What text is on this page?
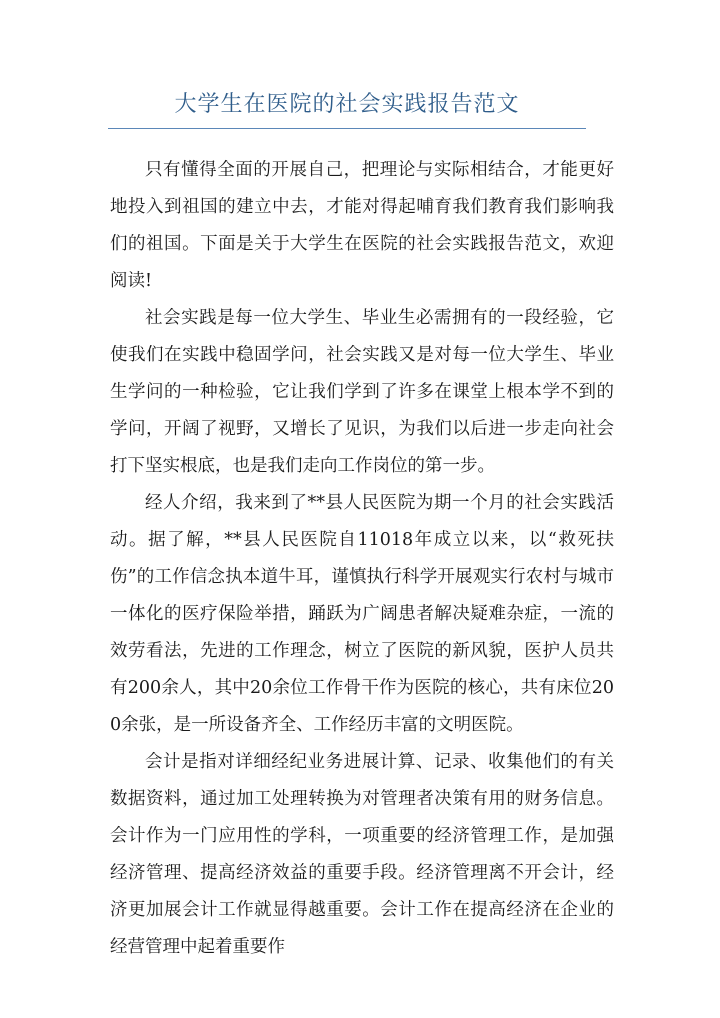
大学生在医院的社会实践报告范文

只有懂得全面的开展自己，把理论与实际相结合，才能更好地投入到祖国的建立中去，才能对得起哺育我们教育我们影响我们的祖国。下面是关于大学生在医院的社会实践报告范文，欢迎阅读!

社会实践是每一位大学生、毕业生必需拥有的一段经验，它使我们在实践中稳固学问，社会实践又是对每一位大学生、毕业生学问的一种检验，它让我们学到了许多在课堂上根本学不到的学问，开阔了视野，又增长了见识，为我们以后进一步走向社会打下坚实根底，也是我们走向工作岗位的第一步。

经人介绍，我来到了**县人民医院为期一个月的社会实践活动。据了解，**县人民医院自11018年成立以来，以“救死扶伤”的工作信念执本道牛耳，谨慎执行科学开展观实行农村与城市一体化的医疗保险举措，踊跃为广阔患者解决疑难杂症，一流的效劳看法，先进的工作理念，树立了医院的新风貌，医护人员共有200余人，其中20余位工作骨干作为医院的核心，共有床位200余张，是一所设备齐全、工作经历丰富的文明医院。

会计是指对详细经纪业务进展计算、记录、收集他们的有关数据资料，通过加工处理转换为对管理者决策有用的财务信息。会计作为一门应用性的学科，一项重要的经济管理工作，是加强经济管理、提高经济效益的重要手段。经济管理离不开会计，经济更加展会计工作就显得越重要。会计工作在提高经济在企业的经营管理中起着重要作
